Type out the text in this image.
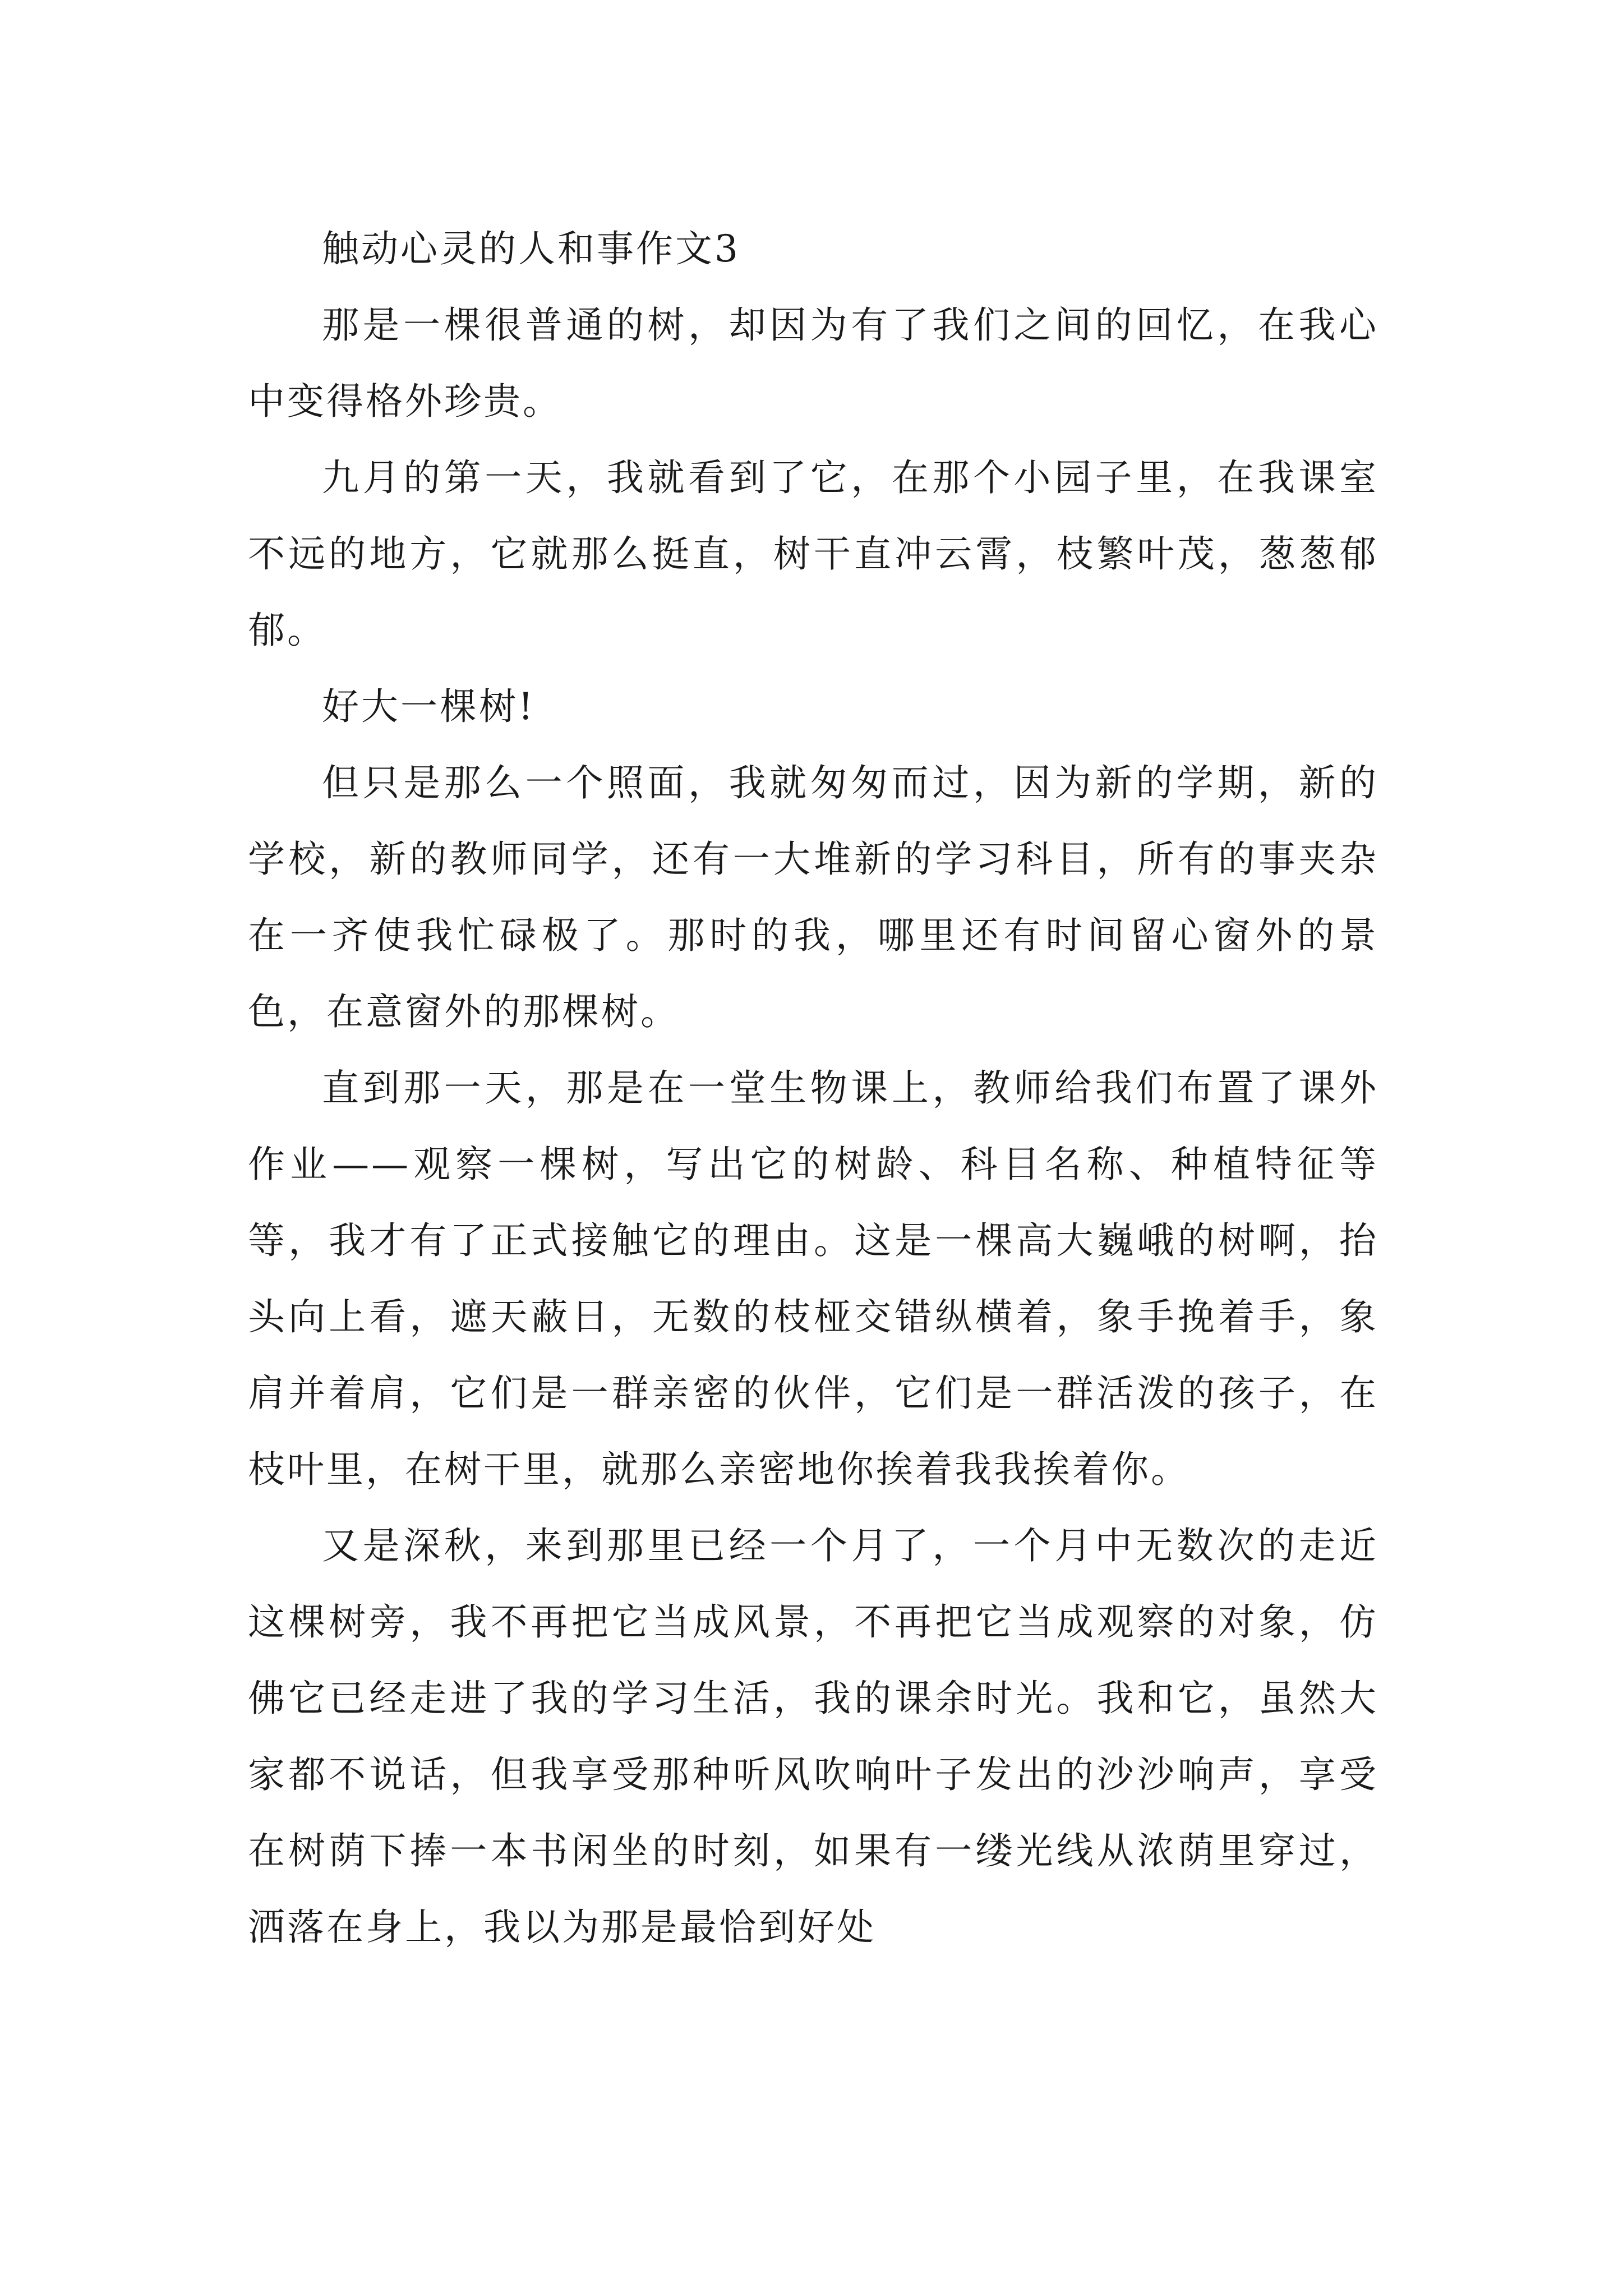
触动心灵的人和事作文3

那是一棵很普通的树，却因为有了我们之间的回忆，在我心中变得格外珍贵。

九月的第一天，我就看到了它，在那个小园子里，在我课室不远的地方，它就那么挺直，树干直冲云霄，枝繁叶茂，葱葱郁郁。

好大一棵树!

但只是那么一个照面，我就匆匆而过，因为新的学期，新的学校，新的教师同学，还有一大堆新的学习科目，所有的事夹杂在一齐使我忙碌极了。那时的我，哪里还有时间留心窗外的景色，在意窗外的那棵树。

直到那一天，那是在一堂生物课上，教师给我们布置了课外作业——观察一棵树，写出它的树龄、科目名称、种植特征等等，我才有了正式接触它的理由。这是一棵高大巍峨的树啊，抬头向上看，遮天蔽日，无数的枝桠交错纵横着，象手挽着手，象肩并着肩，它们是一群亲密的伙伴，它们是一群活泼的孩子，在枝叶里，在树干里，就那么亲密地你挨着我我挨着你。

又是深秋，来到那里已经一个月了，一个月中无数次的走近这棵树旁，我不再把它当成风景，不再把它当成观察的对象，仿佛它已经走进了我的学习生活，我的课余时光。我和它，虽然大家都不说话，但我享受那种听风吹响叶子发出的沙沙响声，享受在树荫下捧一本书闲坐的时刻，如果有一缕光线从浓荫里穿过，洒落在身上，我以为那是最恰到好处
